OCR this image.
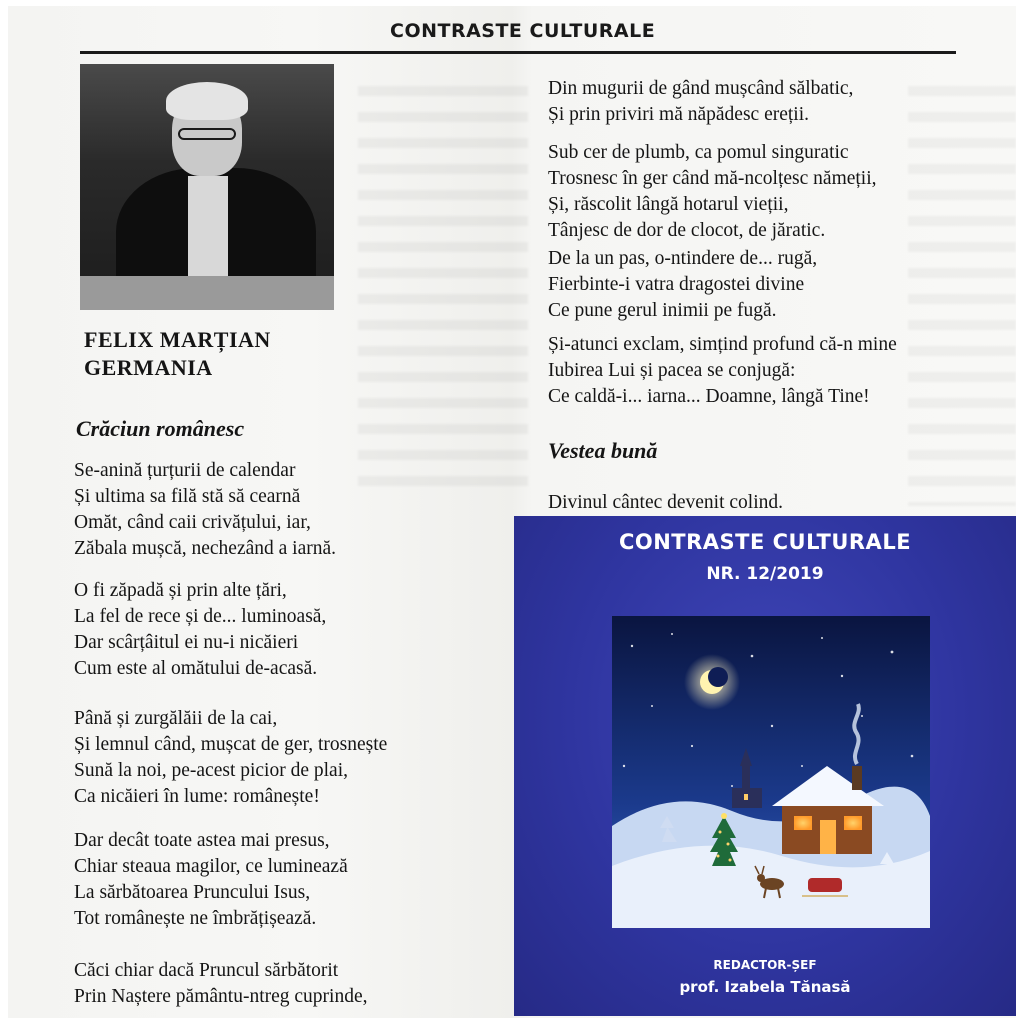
CONTRASTE CULTURALE
FELIX MARȚIAN
GERMANIA
Crăciun românesc
Se-anină țurțurii de calendar
Și ultima sa filă stă să cearnă
Omăt, când caii crivățului, iar,
Zăbala mușcă, nechezând a iarnă.
O fi zăpadă și prin alte țări,
La fel de rece și de... luminoasă,
Dar scârțâitul ei nu-i nicăieri
Cum este al omătului de-acasă.
Până și zurgălăii de la cai,
Și lemnul când, mușcat de ger, trosnește
Sună la noi, pe-acest picior de plai,
Ca nicăieri în lume: românește!
Dar decât toate astea mai presus,
Chiar steaua magilor, ce luminează
La sărbătoarea Pruncului Isus,
Tot românește ne îmbrățișează.
Căci chiar dacă Pruncul sărbătorit
Prin Naștere pământu-ntreg cuprinde,
Din mugurii de gând mușcând sălbatic,
Și prin priviri mă năpădesc ereții.
Sub cer de plumb, ca pomul singuratic
Trosnesc în ger când mă-ncolțesc nămeții,
Și, răscolit lângă hotarul vieții,
Tânjesc de dor de clocot, de jăratic.
De la un pas, o-ntindere de... rugă,
Fierbinte-i vatra dragostei divine
Ce pune gerul inimii pe fugă.
Și-atunci exclam, simțind profund că-n mine
Iubirea Lui și pacea se conjugă:
Ce caldă-i... iarna... Doamne, lângă Tine!
Vestea bună
Divinul cântec devenit colind.
CONTRASTE CULTURALE
NR. 12/2019
REDACTOR-ȘEF
prof. Izabela Tănasă
